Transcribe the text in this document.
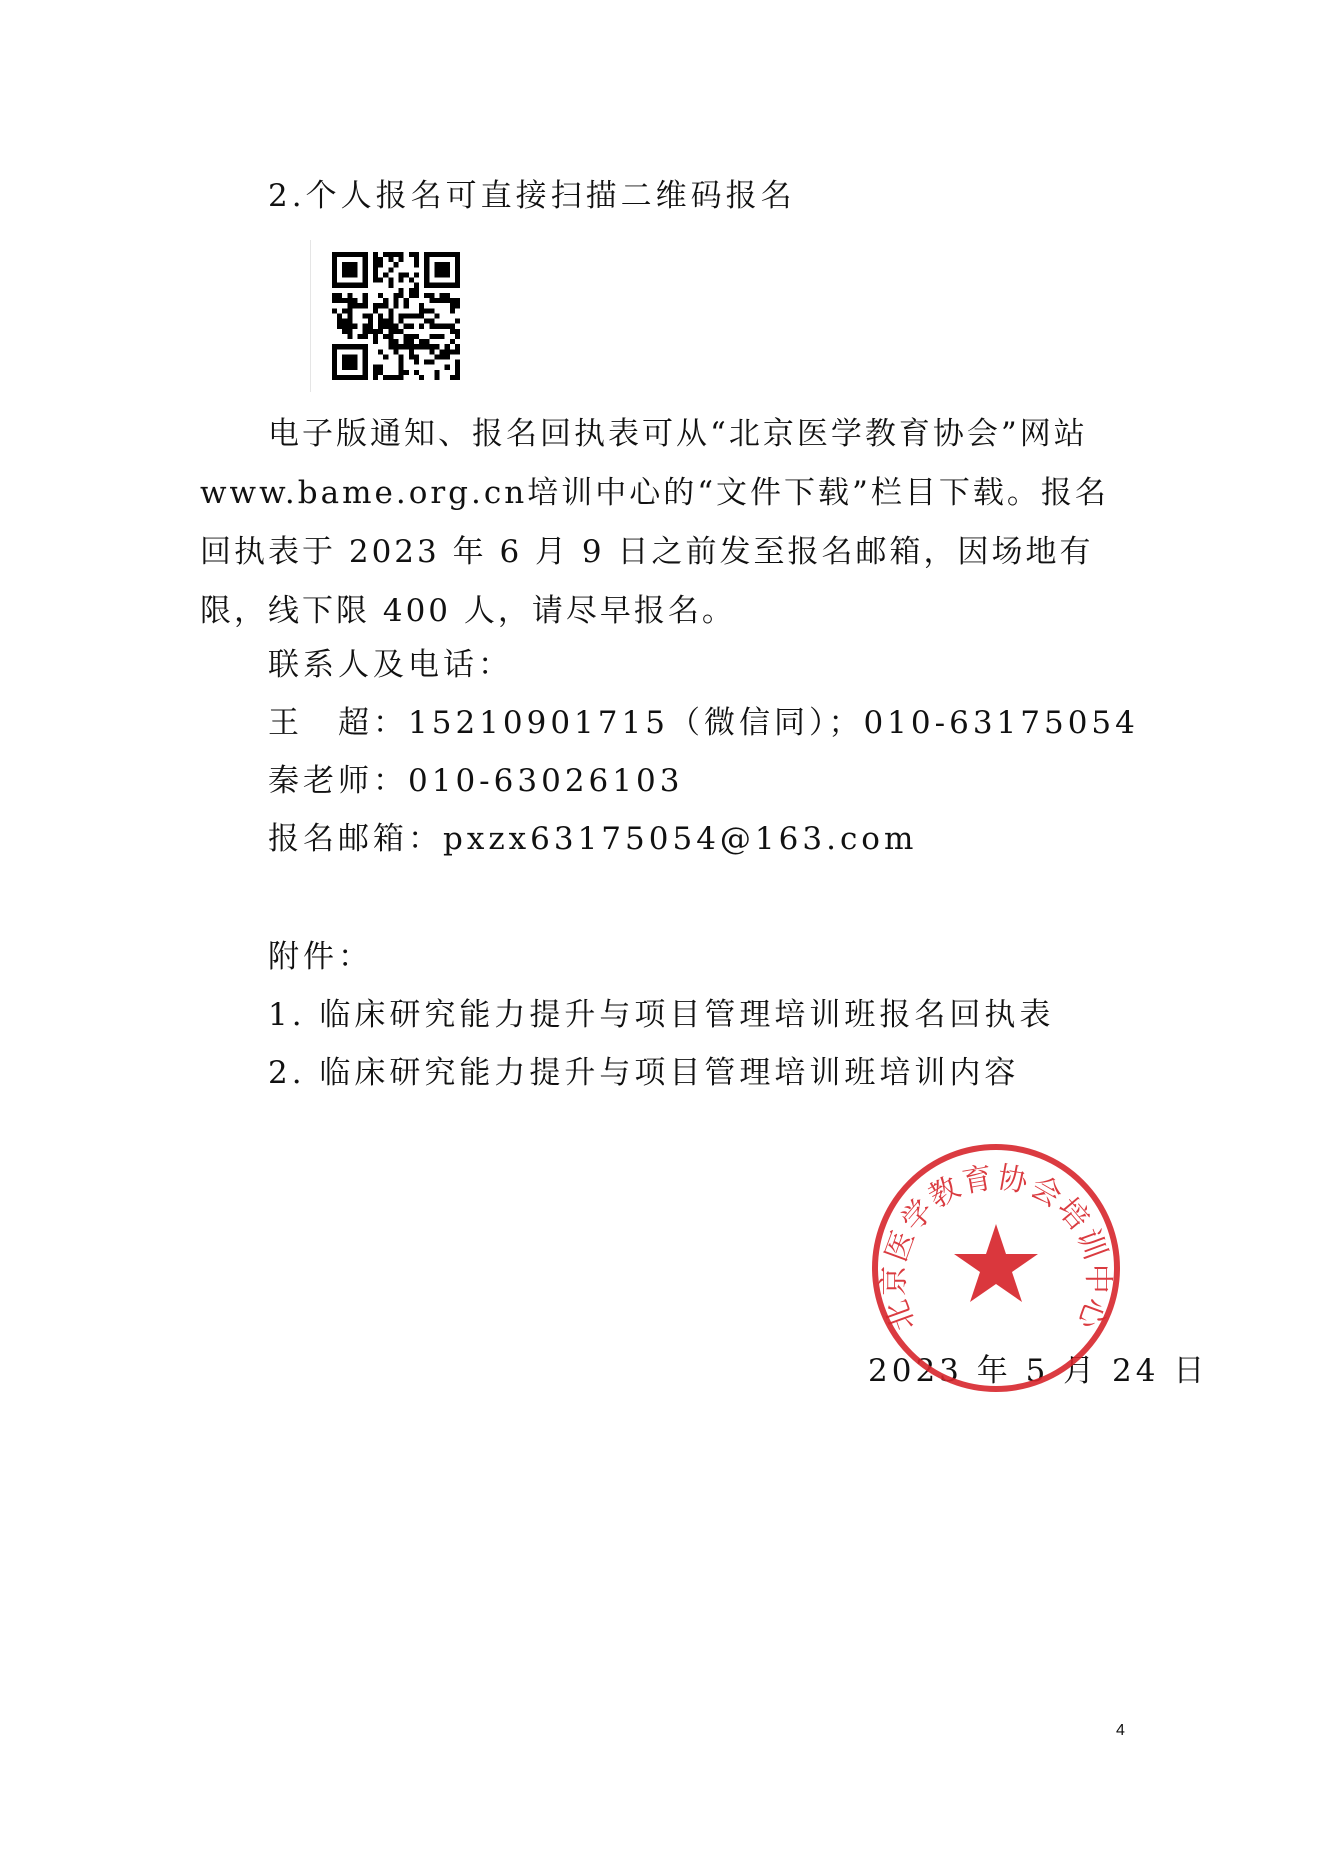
2.个人报名可直接扫描二维码报名
电子版通知、报名回执表可从“北京医学教育协会”网站www.bame.org.cn培训中心的“文件下载”栏目下载。报名回执表于 2023 年 6 月 9 日之前发至报名邮箱，因场地有限，线下限 400 人，请尽早报名。
联系人及电话：
王　超：15210901715（微信同）；010-63175054
秦老师：010-63026103
报名邮箱：pxzx63175054@163.com
附件：
1. 临床研究能力提升与项目管理培训班报名回执表
2. 临床研究能力提升与项目管理培训班培训内容
2023 年 5 月 24 日
北京医学教育协会培训中心
4
